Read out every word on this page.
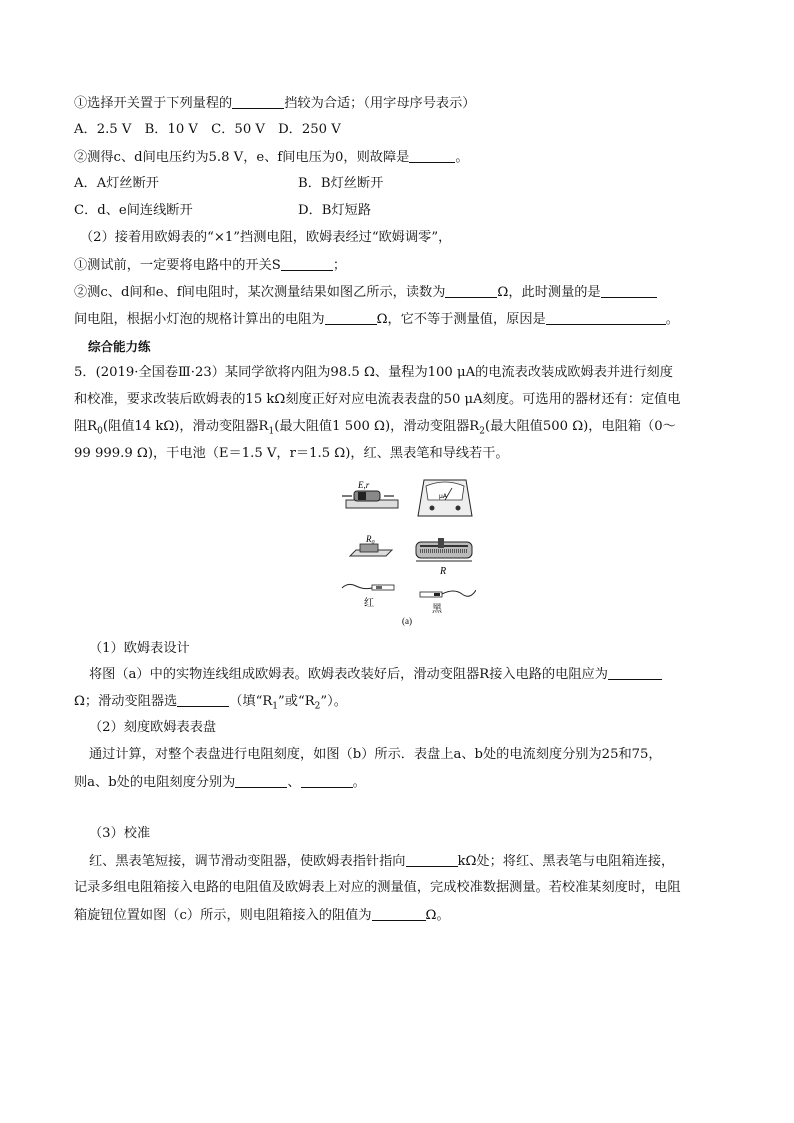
①选择开关置于下列量程的	挡较为合适；（用字母序号表示）
A．2.5 V　B．10 V　C．50 V　D．250 V
②测得c、d间电压约为5.8 V，e、f间电压为0，则故障是	。
A．A灯丝断开	B．B灯丝断开
C．d、e间连线断开	D．B灯短路
（2）接着用欧姆表的“×1”挡测电阻，欧姆表经过“欧姆调零”，
①测试前，一定要将电路中的开关S	；
②测c、d间和e、f间电阻时，某次测量结果如图乙所示，读数为	Ω，此时测量的是
间电阻，根据小灯泡的规格计算出的电阻为	Ω，它不等于测量值，原因是	。
综合能力练
5．(2019·全国卷Ⅲ·23）某同学欲将内阻为98.5 Ω、量程为100 μA的电流表改装成欧姆表并进行刻度
和校准，要求改装后欧姆表的15 kΩ刻度正好对应电流表表盘的50 μA刻度。可选用的器材还有：定值电
阻$R_0$(阻值14 kΩ)，滑动变阻器$R_1$(最大阻值1 500 Ω)，滑动变阻器$R_2$(最大阻值500 Ω)，电阻箱（0～
99 999.9 Ω)，干电池（E＝1.5 V，r＝1.5 Ω)，红、黑表笔和导线若干。
E,r
μA
$R_0$
R
红
黑
(a)
（1）欧姆表设计
将图（a）中的实物连线组成欧姆表。欧姆表改装好后，滑动变阻器R接入电路的电阻应为
Ω；滑动变阻器选	（填“$R_1$”或“$R_2$”）。
（2）刻度欧姆表表盘
通过计算，对整个表盘进行电阻刻度，如图（b）所示．表盘上a、b处的电流刻度分别为25和75，
则a、b处的电阻刻度分别为	、	。
（3）校准
红、黑表笔短接，调节滑动变阻器，使欧姆表指针指向	kΩ处；将红、黑表笔与电阻箱连接，
记录多组电阻箱接入电路的电阻值及欧姆表上对应的测量值，完成校准数据测量。若校准某刻度时，电阻
箱旋钮位置如图（c）所示，则电阻箱接入的阻值为	Ω。
